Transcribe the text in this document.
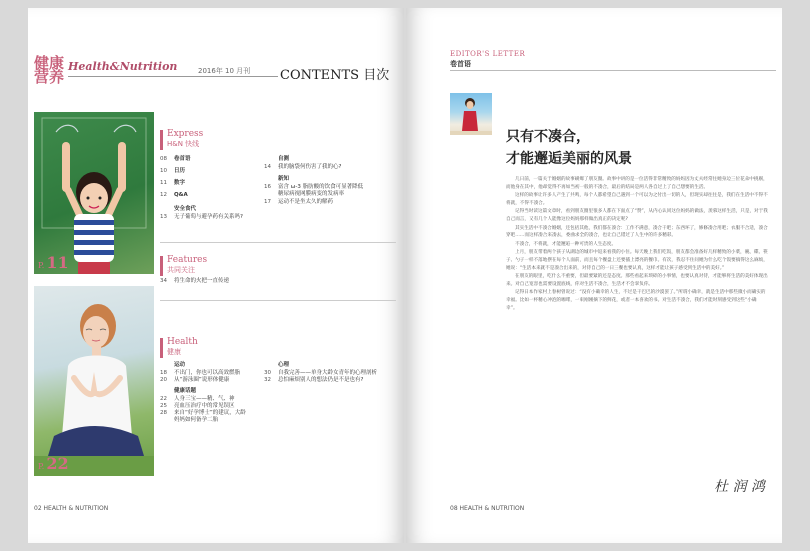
健康营养
Health&Nutrition	2016年 10 月刊 CONTENTS 目次
P. 11
P. 22
Express
H&N 快线
08 卷首语
10 日历
11 数字
12 Q&A
安全食代
13 无子葡萄与避孕药有关系吗?
自测
14 我的脑袋何伤害了我的心?
新知
16 富含 ω-3 脂肪酸的饮食可显著降低
糖尿病视网膜病变的发病率
17 运动不是坐太久的解药
Features
共同关注
34 将生命的火把一直传递
Health
健康
运动
18 不出门，你也可以高效燃脂
20 从“游泳圈”说形体健康
健康话题
22 人身三宝——精、气、神
25 亮血压治疗中的常见误区
28 来自“好孕博士”的建议，大龄
妈妈如何备孕二胎
心理
30 自我完善——单身大龄女青年的心理剖析
32 总怕麻烦别人的想法仍是不是也有?
02 HEALTH & NUTRITION
EDITOR'S LETTER
卷首语
只有不凑合，
才能邂逅美丽的风景

几日前，一篇关于婚姻的故事刷爆了朋友圈。故事中讲的是一位活得非常精致的妈妈因为丈夫经常往她身边三位花朵中挑剔，而他身在其中，他却觉得不再如当初一般的不凑合，最后的结局是两人各自过上了自己想要的生活。

这样的故事让许多人产生了共鸣，每个人都希望自己遇到一个可以为之付出一切的人，但现实却往往是，我们在生活中不得不将就，不得不凑合。

记得当时读这篇文章时，看到朋友圈里很多人都在下面点了“赞”，从内心认同这位妈妈的做法，羡慕这样生活，只是，对于我自己而言，又有几个人能像这位妈妈那样做出真正的决定呢?

其实生活中不凑合婚姻，还包括其他，我们都在凑合：工作不满意，凑合干吧；东西坏了，修修凑合用吧；衣服不合适，凑合穿吧……而这样凑合来凑去，委曲求全的凑合，也让自己错过了人生中的许多精彩。

不凑合，不将就，才能邂逅一种可贵的人生态度。

上月，朋友带着两个孩子从湖边的城市中返来看我的小住。每天晚上我们吃饭，朋友都会准备好几样精致的小菜，碗、碟、筷子、勺子一样不落地摆在每个人面前，而且每个餐盘上还要插上漂亮的餐巾。有次，我忍不住问她为什么吃个饭要搞得这么麻烦，她说：“生活本来就不是凑合出来的，对待自己的一日三餐也要认真，这样才能让孩子感受到生活中的美好。”

在朋友的眼里，吃什么不重要，但最要紧的还是态度。那些看起来琐碎的小事情，也要认真对待，才能够将生活的美好体现出来。对自己宽容也需要设置底线，你对生活不凑合，生活才不会辜负你。

记得日本作家村上春树曾说过：“没有小确幸的人生，不过是干巴巴的沙漠罢了。”所谓小确幸，就是生活中那些微小而确实的幸福。比如一杯精心冲泡的咖啡，一束刚刚摘下的鲜花，或者一本喜欢的书。对生活不凑合，我们才能时刻感受到这些“小确幸”。

杜 润 鸿
08 HEALTH & NUTRITION
